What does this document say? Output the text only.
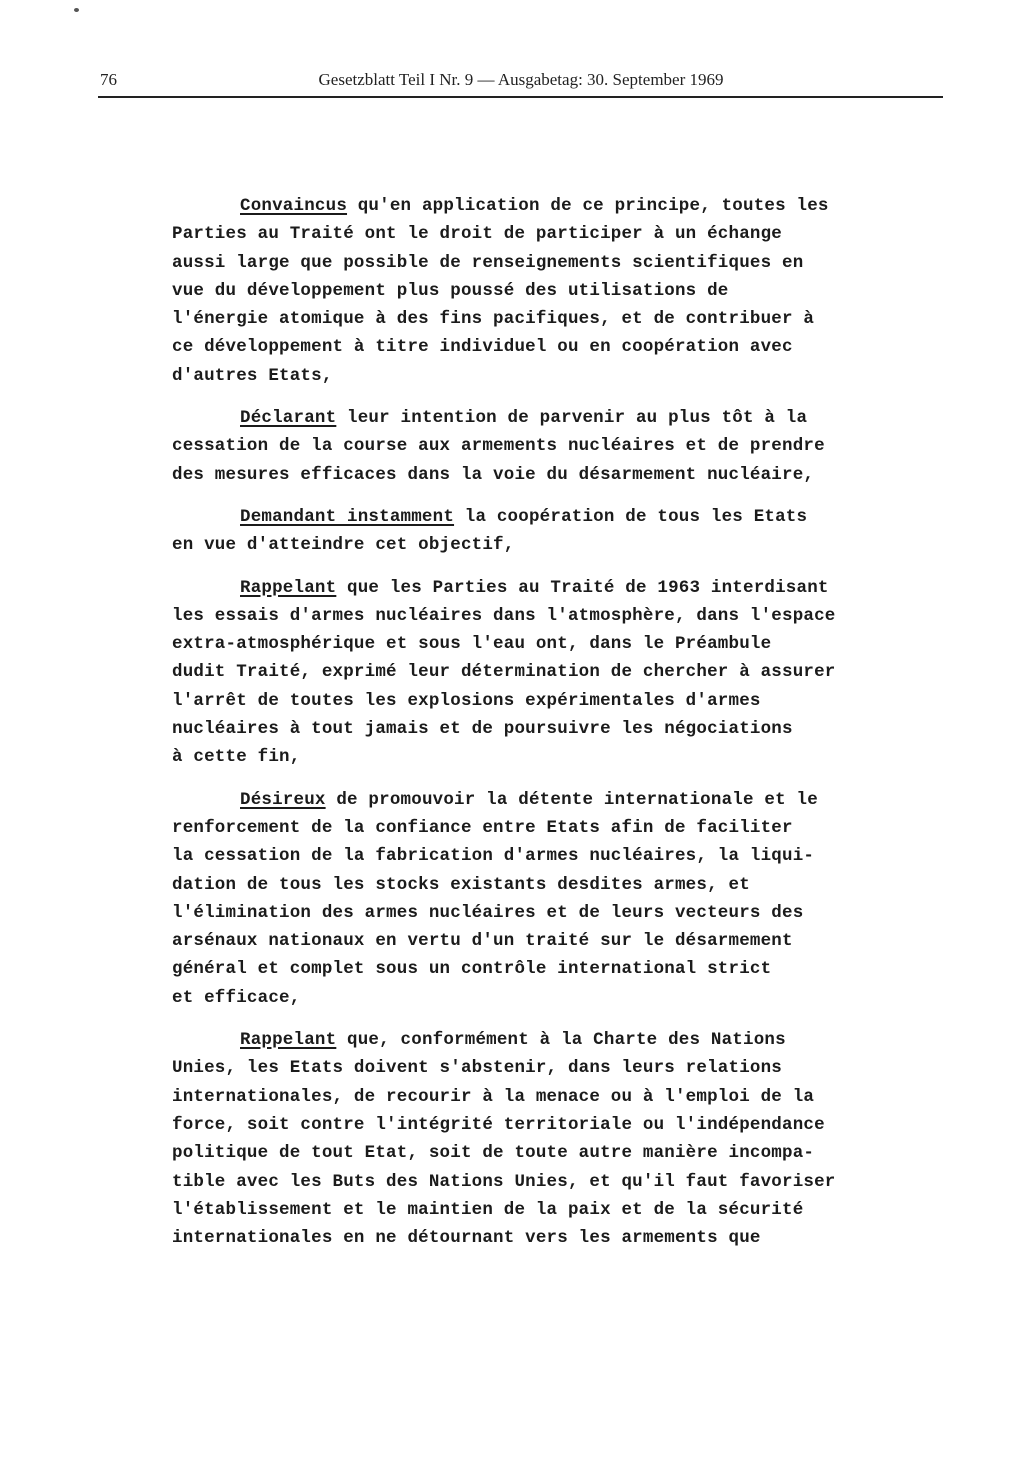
76	Gesetzblatt Teil I Nr. 9 — Ausgabetag: 30. September 1969
Convaincus qu'en application de ce principe, toutes les
Parties au Traité ont le droit de participer à un échange
aussi large que possible de renseignements scientifiques en
vue du développement plus poussé des utilisations de
l'énergie atomique à des fins pacifiques, et de contribuer à
ce développement à titre individuel ou en coopération avec
d'autres Etats,
Déclarant leur intention de parvenir au plus tôt à la
cessation de la course aux armements nucléaires et de prendre
des mesures efficaces dans la voie du désarmement nucléaire,
Demandant instamment la coopération de tous les Etats
en vue d'atteindre cet objectif,
Rappelant que les Parties au Traité de 1963 interdisant
les essais d'armes nucléaires dans l'atmosphère, dans l'espace
extra-atmosphérique et sous l'eau ont, dans le Préambule
dudit Traité, exprimé leur détermination de chercher à assurer
l'arrêt de toutes les explosions expérimentales d'armes
nucléaires à tout jamais et de poursuivre les négociations
à cette fin,
Désireux de promouvoir la détente internationale et le
renforcement de la confiance entre Etats afin de faciliter
la cessation de la fabrication d'armes nucléaires, la liqui-
dation de tous les stocks existants desdites armes, et
l'élimination des armes nucléaires et de leurs vecteurs des
arsénaux nationaux en vertu d'un traité sur le désarmement
général et complet sous un contrôle international strict
et efficace,
Rappelant que, conformément à la Charte des Nations
Unies, les Etats doivent s'abstenir, dans leurs relations
internationales, de recourir à la menace ou à l'emploi de la
force, soit contre l'intégrité territoriale ou l'indépendance
politique de tout Etat, soit de toute autre manière incompa-
tible avec les Buts des Nations Unies, et qu'il faut favoriser
l'établissement et le maintien de la paix et de la sécurité
internationales en ne détournant vers les armements que
